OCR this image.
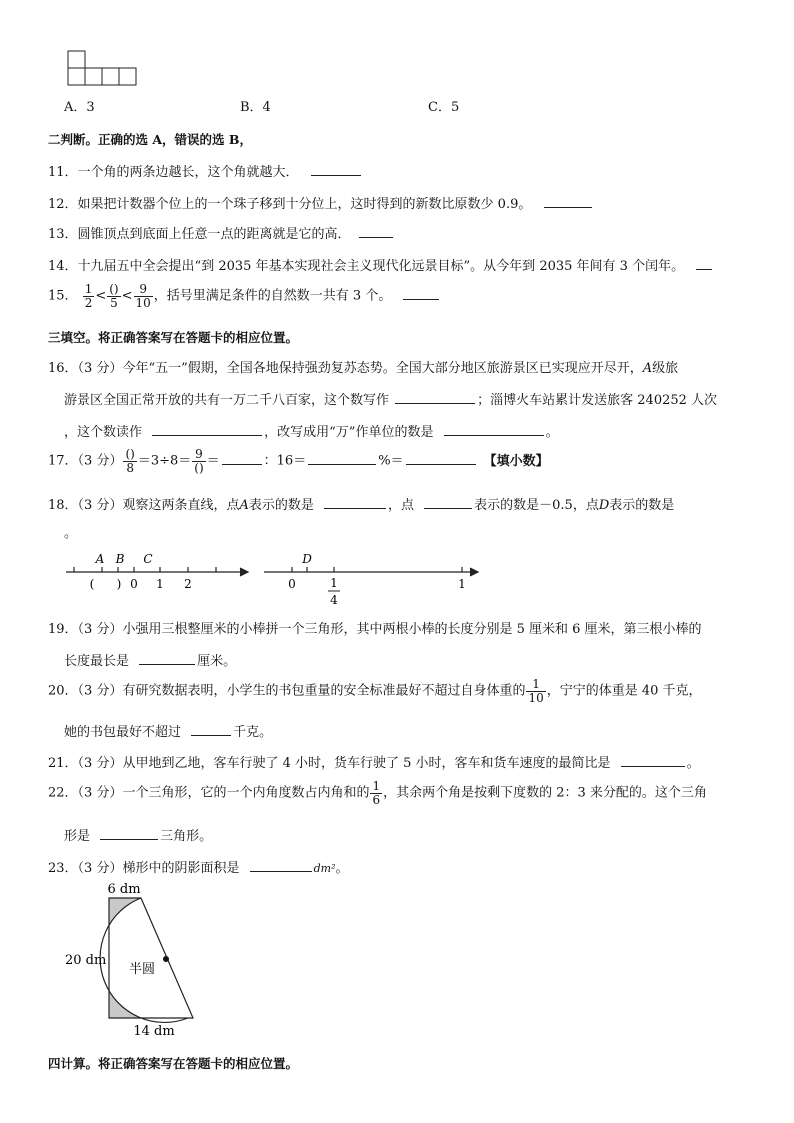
A．3	B．4	C．5
二判断。正确的选 A，错误的选 B，
11．一个角的两条边越长，这个角就越大．
12．如果把计数器个位上的一个珠子移到十分位上，这时得到的新数比原数少 0.9。
13．圆锥顶点到底面上任意一点的距离就是它的高．
14．十九届五中全会提出“到 2035 年基本实现社会主义现代化远景目标”。从今年到 2035 年间有 3 个闰年。
15． $\frac{1}{2} < \frac{()}{5} < \frac{9}{10}$ ，括号里满足条件的自然数一共有 3 个。
三填空。将正确答案写在答题卡的相应位置。
16．（3 分）今年“五一”假期，全国各地保持强劲复苏态势。全国大部分地区旅游景区已实现应开尽开，A级旅
游景区全国正常开放的共有一万二千八百家，这个数写作	；淄博火车站累计发送旅客 240252 人次
，这个数读作	，改写成用“万”作单位的数是	。
17．（3 分） $\frac{()}{8} =3\div 8= \frac{9}{()}$ ＝	：16＝	%＝	【填小数】
18．（3 分）观察这两条直线，点A表示的数是	，点	表示的数是－0.5，点D表示的数是
。
A B C
( ) 0 1 2
D
0	1
4
1
19．（3 分）小强用三根整厘米的小棒拼一个三角形，其中两根小棒的长度分别是 5 厘米和 6 厘米，第三根小棒的
长度最长是	厘米。
20．（3 分）有研究数据表明，小学生的书包重量的安全标准最好不超过自身体重的 $\frac{1}{10}$ ，宁宁的体重是 40 千克，
她的书包最好不超过	千克。
21．（3 分）从甲地到乙地，客车行驶了 4 小时，货车行驶了 5 小时，客车和货车速度的最简比是	。
22．（3 分）一个三角形，它的一个内角度数占内角和的 $\frac{1}{6}$ ，其余两个角是按剩下度数的 2：3 来分配的。这个三角
形是	三角形。
23．（3 分）梯形中的阴影面积是	dm²。
6 dm
20 dm
14 dm
半圆
四计算。将正确答案写在答题卡的相应位置。
